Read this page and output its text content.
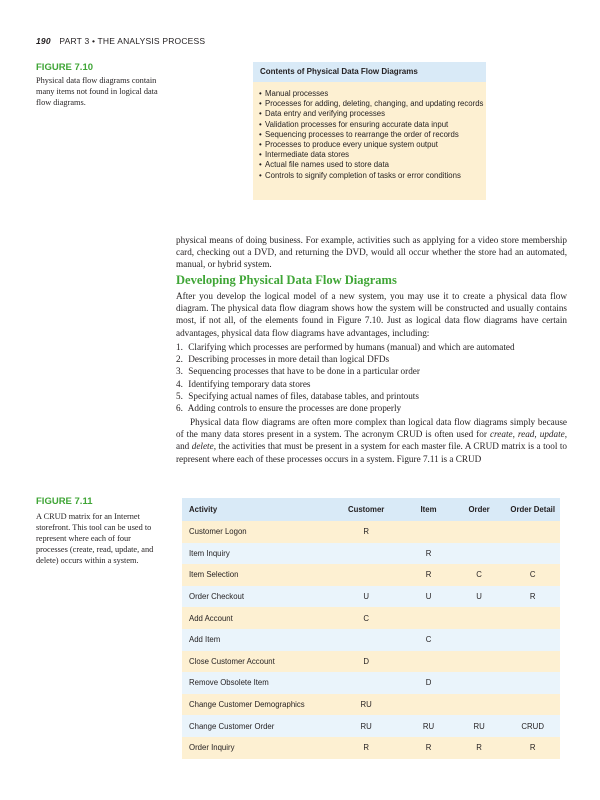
190 PART 3 • THE ANALYSIS PROCESS
FIGURE 7.10
Physical data flow diagrams contain many items not found in logical data flow diagrams.
Contents of Physical Data Flow Diagrams
• Manual processes
• Processes for adding, deleting, changing, and updating records
• Data entry and verifying processes
• Validation processes for ensuring accurate data input
• Sequencing processes to rearrange the order of records
• Processes to produce every unique system output
• Intermediate data stores
• Actual file names used to store data
• Controls to signify completion of tasks or error conditions
physical means of doing business. For example, activities such as applying for a video store membership card, checking out a DVD, and returning the DVD, would all occur whether the store had an automated, manual, or hybrid system.
Developing Physical Data Flow Diagrams
After you develop the logical model of a new system, you may use it to create a physical data flow diagram. The physical data flow diagram shows how the system will be constructed and usually contains most, if not all, of the elements found in Figure 7.10. Just as logical data flow diagrams have certain advantages, physical data flow diagrams have advantages, including:
1. Clarifying which processes are performed by humans (manual) and which are automated
2. Describing processes in more detail than logical DFDs
3. Sequencing processes that have to be done in a particular order
4. Identifying temporary data stores
5. Specifying actual names of files, database tables, and printouts
6. Adding controls to ensure the processes are done properly
Physical data flow diagrams are often more complex than logical data flow diagrams simply because of the many data stores present in a system. The acronym CRUD is often used for create, read, update, and delete, the activities that must be present in a system for each master file. A CRUD matrix is a tool to represent where each of these processes occurs in a system. Figure 7.11 is a CRUD
FIGURE 7.11
A CRUD matrix for an Internet storefront. This tool can be used to represent where each of four processes (create, read, update, and delete) occurs within a system.
Activity	Customer	Item	Order	Order Detail
Customer Logon	R			
Item Inquiry		R		
Item Selection		R	C	C
Order Checkout	U	U	U	R
Add Account	C			
Add Item		C		
Close Customer Account	D			
Remove Obsolete Item		D		
Change Customer Demographics	RU			
Change Customer Order	RU	RU	RU	CRUD
Order Inquiry	R	R	R	R
